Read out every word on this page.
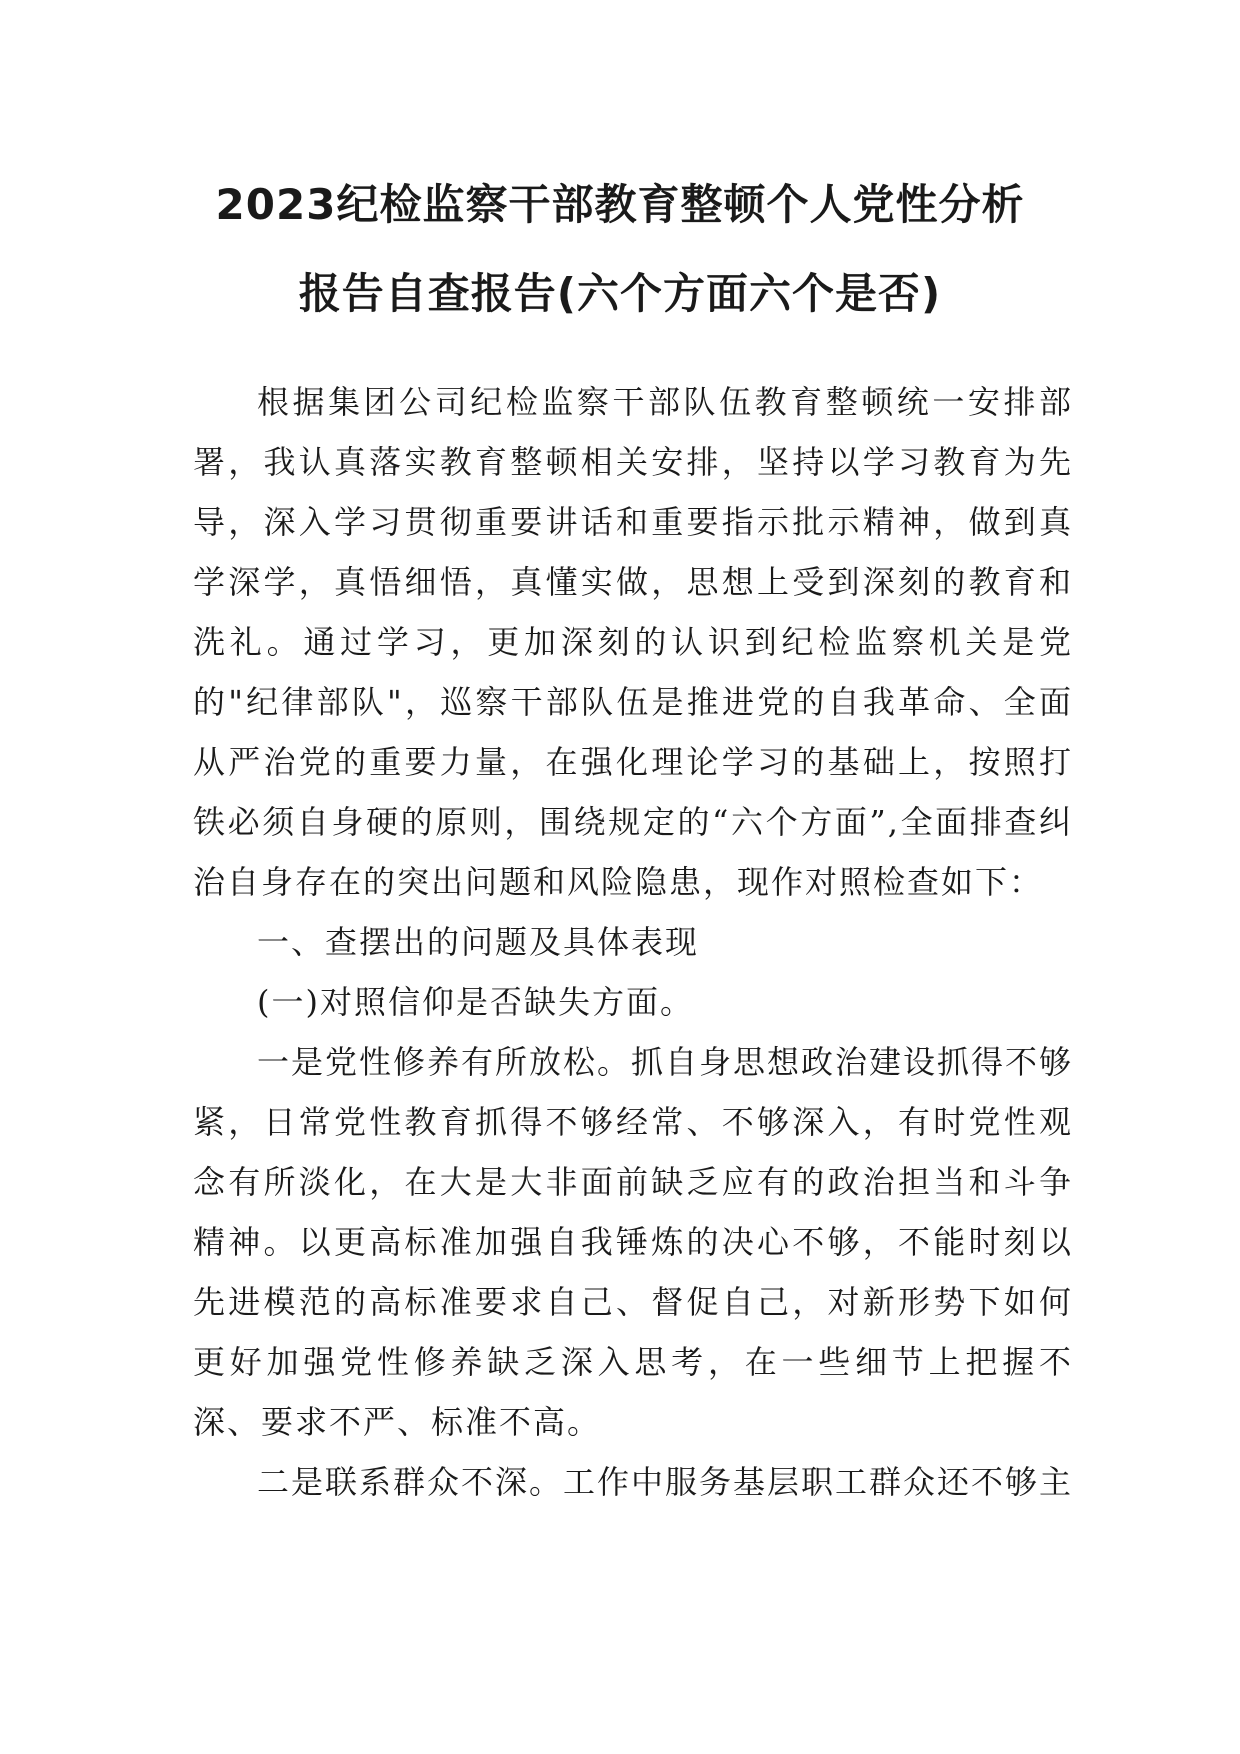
2023纪检监察干部教育整顿个人党性分析
报告自查报告(六个方面六个是否)

根据集团公司纪检监察干部队伍教育整顿统一安排部署，我认真落实教育整顿相关安排，坚持以学习教育为先导，深入学习贯彻重要讲话和重要指示批示精神，做到真学深学，真悟细悟，真懂实做，思想上受到深刻的教育和洗礼。通过学习，更加深刻的认识到纪检监察机关是党的"纪律部队"，巡察干部队伍是推进党的自我革命、全面从严治党的重要力量，在强化理论学习的基础上，按照打铁必须自身硬的原则，围绕规定的“六个方面”,全面排查纠治自身存在的突出问题和风险隐患，现作对照检查如下：

一、查摆出的问题及具体表现

(一)对照信仰是否缺失方面。

一是党性修养有所放松。抓自身思想政治建设抓得不够紧，日常党性教育抓得不够经常、不够深入，有时党性观念有所淡化，在大是大非面前缺乏应有的政治担当和斗争精神。以更高标准加强自我锤炼的决心不够，不能时刻以先进模范的高标准要求自己、督促自己，对新形势下如何更好加强党性修养缺乏深入思考，在一些细节上把握不深、要求不严、标准不高。

二是联系群众不深。工作中服务基层职工群众还不够主
